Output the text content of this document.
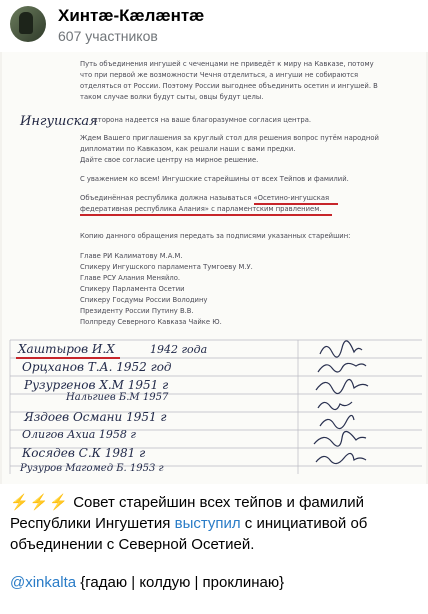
Хинтæ-Кæлæнтæ
607 участников
Путь объединения ингушей с чеченцами не приведёт к миру на Кавказе, потому
что при первой же возможности Чечня отделиться, а ингуши не собираются
отделяться от России. Поэтому России выгоднее объединить осетин и ингушей. В
таком случае волки будут сыты, овцы будут целы.
Ингушская
сторона надеется на ваше благоразумное согласия центра.
Ждем Вашего приглашения за круглый стол для решения вопрос путём народной
дипломатии по Кавказом, как решали наши с вами предки.
Дайте свое согласие центру на мирное решение.
С уважением ко всем! Ингушские старейшины от всех Тейпов и фамилий.
Объединённая республика должна называться «Осетино-ингушская
федеративная республика Алания» с парламентским правлением.
Копию данного обращения передать за подписями указанных старейшин:
Главе РИ Калиматову М.А.М.
Спикеру Ингушского парламента Тумгоеву М.У.
Главе РСУ Алания Меняйло.
Спикеру Парламента Осетии
Спикеру Госдумы России Володину
Президенту России Путину В.В.
Полпреду Северного Кавказа Чайке Ю.
Хаштыров И.Х	1942 года
Орцханов Т.А. 1952 год
Рузургенов Х.М 1951 г
Нальгиев Б.М 1957
Яздоев Османи 1951 г
Олигов Ахиа 1958 г
Косядев С.К 1981 г
Рузуров Магомед Б. 1953 г
⚡⚡⚡ Совет старейшин всех тейпов и фамилий Республики Ингушетия выступил с инициативой об объединении с Северной Осетией.
@xinkalta {гадаю | колдую | проклинаю}
